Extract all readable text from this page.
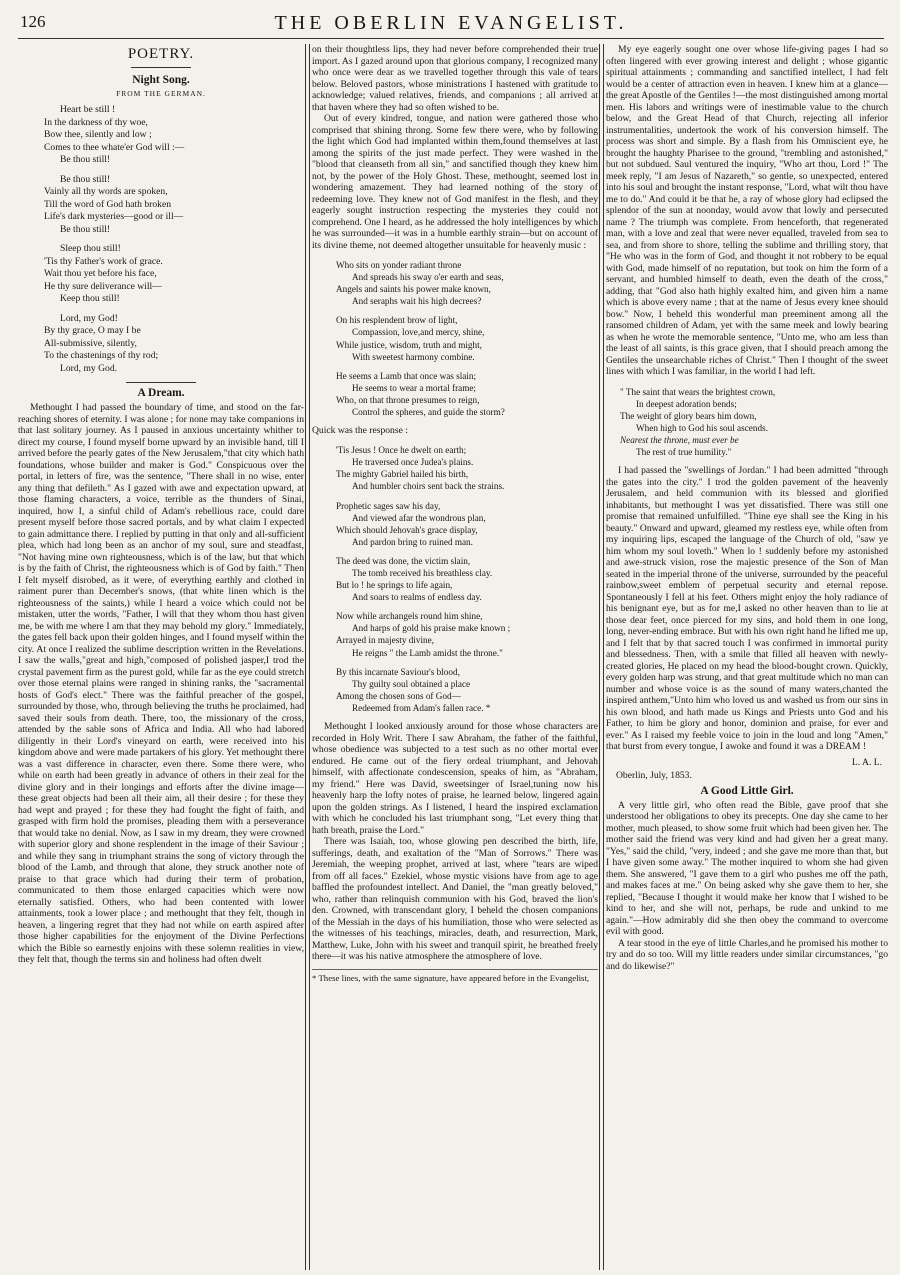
126	THE OBERLIN EVANGELIST.
POETRY.
Night Song.
FROM THE GERMAN.
Heart be still !
In the darkness of thy woe,
Bow thee, silently and low ;
Comes to thee whate'er God will :—
Be thou still!
Be thou still!
Vainly all thy words are spoken,
Till the word of God hath broken
Life's dark mysteries—good or ill—
Be thou still!
Sleep thou still!
'Tis thy Father's work of grace.
Wait thou yet before his face,
He thy sure deliverance will—
Keep thou still!
Lord, my God!
By thy grace, O may I be
All-submissive, silently,
To the chastenings of thy rod;
Lord, my God.
A Dream.

Methought I had passed the boundary of time, and stood on the far-reaching shores of eternity. I was alone ; for none may take companions in that last solitary journey. As I paused in anxious uncertainty whither to direct my course, I found myself borne upward by an invisible hand, till I arrived before the pearly gates of the New Jerusalem,"that city which hath foundations, whose builder and maker is God." Conspicuous over the portal, in letters of fire, was the sentence, "There shall in no wise, enter any thing that defileth." As I gazed with awe and expectation upward, at those flaming characters, a voice, terrible as the thunders of Sinai, inquired, how I, a sinful child of Adam's rebellious race, could dare present myself before those sacred portals, and by what claim I expected to gain admittance there. I replied by putting in that only and all-sufficient plea, which had long been as an anchor of my soul, sure and steadfast, "Not having mine own righteousness, which is of the law, but that which is by the faith of Christ, the righteousness which is of God by faith." Then I felt myself disrobed, as it were, of everything earthly and clothed in raiment purer than December's snows, (that white linen which is the righteousness of the saints,) while I heard a voice which could not be mistaken, utter the words, "Father, I will that they whom thou hast given me, be with me where I am that they may behold my glory." Immediately, the gates fell back upon their golden hinges, and I found myself within the city. At once I realized the sublime description written in the Revelations. I saw the walls,"great and high,"composed of polished jasper,I trod the crystal pavement firm as the purest gold, while far as the eye could stretch over those eternal plains were ranged in shining ranks, the "sacramental hosts of God's elect." There was the faithful preacher of the gospel, surrounded by those, who, through believing the truths he proclaimed, had saved their souls from death. There, too, the missionary of the cross, attended by the sable sons of Africa and India. All who had labored diligently in their Lord's vineyard on earth, were received into his kingdom above and were made partakers of his glory. Yet methought there was a vast difference in character, even there. Some there were, who while on earth had been greatly in advance of others in their zeal for the divine glory and in their longings and efforts after the divine image—these great objects had been all their aim, all their desire ; for these they had wept and prayed ; for these they had fought the fight of faith, and grasped with firm hold the promises, pleading them with a perseverance that would take no denial. Now, as I saw in my dream, they were crowned with superior glory and shone resplendent in the image of their Saviour ; and while they sang in triumphant strains the song of victory through the blood of the Lamb, and through that alone, they struck another note of praise to that grace which had during their term of probation, communicated to them those enlarged capacities which were now eternally satisfied. Others, who had been contented with lower attainments, took a lower place ; and methought that they felt, though in heaven, a lingering regret that they had not while on earth aspired after those higher capabilities for the enjoyment of the Divine Perfections which the Bible so earnestly enjoins with these solemn realities in view, they felt that, though the terms sin and holiness had often dwelt

on their thoughtless lips, they had never before comprehended their true import. As I gazed around upon that glorious company, I recognized many who once were dear as we travelled together through this vale of tears below. Beloved pastors, whose ministrations I hastened with gratitude to acknowledge; valued relatives, friends, and companions ; all arrived at that haven where they had so often wished to be.

Out of every kindred, tongue, and nation were gathered those who comprised that shining throng. Some few there were, who by following the light which God had implanted within them,found themselves at last among the spirits of the just made perfect. They were washed in the "blood that cleanseth from all sin," and sanctified though they knew him not, by the power of the Holy Ghost. These, methought, seemed lost in wondering amazement. They had learned nothing of the story of redeeming love. They knew not of God manifest in the flesh, and they eagerly sought instruction respecting the mysteries they could not comprehend. One I heard, as he addressed the holy intelligences by which he was surrounded—it was in a humble earthly strain—but on account of its divine theme, not deemed altogether unsuitable for heavenly music :

Who sits on yonder radiant throne
And spreads his sway o'er earth and seas,
Angels and saints his power make known,
And seraphs wait his high decrees?
On his resplendent brow of light,
Compassion, love,and mercy, shine,
While justice, wisdom, truth and might,
With sweetest harmony combine.
He seems a Lamb that once was slain;
He seems to wear a mortal frame;
Who, on that throne presumes to reign,
Control the spheres, and guide the storm?
Quick was the response :
'Tis Jesus ! Once he dwelt on earth;
He traversed once Judea's plains.
The mighty Gabriel hailed his birth,
And humbler choirs sent back the strains.
Prophetic sages saw his day,
And viewed afar the wondrous plan,
Which should Jehovah's grace display,
And pardon bring to ruined man.
The deed was done, the victim slain,
The tomb received his breathless clay.
But lo ! he springs to life again,
And soars to realms of endless day.
Now while archangels round him shine,
And harps of gold his praise make known ;
Arrayed in majesty divine,
He reigns " the Lamb amidst the throne."
By this incarnate Saviour's blood,
Thy guilty soul obtained a place
Among the chosen sons of God—
Redeemed from Adam's fallen race. *

Methought I looked anxiously around for those whose characters are recorded in Holy Writ. There I saw Abraham, the father of the faithful, whose obedience was subjected to a test such as no other mortal ever endured. He came out of the fiery ordeal triumphant, and Jehovah himself, with affectionate condescension, speaks of him, as "Abraham, my friend." Here was David, sweetsinger of Israel,tuning now his heavenly harp the lofty notes of praise, he learned below, lingered again upon the golden strings. As I listened, I heard the inspired exclamation with which he concluded his last triumphant song, "Let every thing that hath breath, praise the Lord."

There was Isaiah, too, whose glowing pen described the birth, life, sufferings, death, and exaltation of the "Man of Sorrows." There was Jeremiah, the weeping prophet, arrived at last, where "tears are wiped from off all faces." Ezekiel, whose mystic visions have from age to age baffled the profoundest intellect. And Daniel, the "man greatly beloved," who, rather than relinquish communion with his God, braved the lion's den. Crowned, with transcendant glory, I beheld the chosen companions of the Messiah in the days of his humiliation, those who were selected as the witnesses of his teachings, miracles, death, and resurrection, Mark, Matthew, Luke, John with his sweet and tranquil spirit, he breathed freely there—it was his native atmosphere the atmosphere of love.

* These lines, with the same signature, have appeared before in the Evangelist,

My eye eagerly sought one over whose life-giving pages I had so often lingered with ever growing interest and delight ; whose gigantic spiritual attainments ; commanding and sanctified intellect, I had felt would be a center of attraction even in heaven. I knew him at a glance—the great Apostle of the Gentiles !—the most distinguished among mortal men. His labors and writings were of inestimable value to the church below, and the Great Head of that Church, rejecting all inferior instrumentalities, undertook the work of his conversion himself. The process was short and simple. By a flash from his Omniscient eye, he brought the haughty Pharisee to the ground, "trembling and astonished," but not subdued. Saul ventured the inquiry, "Who art thou, Lord !" The meek reply, "I am Jesus of Nazareth," so gentle, so unexpected, entered into his soul and brought the instant response, "Lord, what wilt thou have me to do." And could it be that he, a ray of whose glory had eclipsed the splendor of the sun at noonday, would avow that lowly and persecuted name ? The triumph was complete. From henceforth, that regenerated man, with a love and zeal that were never equalled, traveled from sea to sea, and from shore to shore, telling the sublime and thrilling story, that "He who was in the form of God, and thought it not robbery to be equal with God, made himself of no reputation, but took on him the form of a servant, and humbled himself to death, even the death of the cross," adding, that "God also hath highly exalted him, and given him a name which is above every name ; that at the name of Jesus every knee should bow." Now, I beheld this wonderful man preeminent among all the ransomed children of Adam, yet with the same meek and lowly bearing as when he wrote the memorable sentence, "Unto me, who am less than the least of all saints, is this grace given, that I should preach among the Gentiles the unsearchable riches of Christ." Then I thought of the sweet lines with which I was familiar, in the world I had left.

" The saint that wears the brightest crown,
In deepest adoration bends;
The weight of glory bears him down,
When high to God his soul ascends.
Nearest the throne, must ever be
The rest of true humility."

I had passed the "swellings of Jordan." I had been admitted "through the gates into the city." I trod the golden pavement of the heavenly Jerusalem, and held communion with its blessed and glorified inhabitants, but methought I was yet dissatisfied. There was still one promise that remained unfulfilled. "Thine eye shall see the King in his beauty." Onward and upward, gleamed my restless eye, while often from my inquiring lips, escaped the language of the Church of old, "saw ye him whom my soul loveth." When lo ! suddenly before my astonished and awe-struck vision, rose the majestic presence of the Son of Man seated in the imperial throne of the universe, surrounded by the peaceful rainbow,sweet emblem of perpetual security and eternal repose. Spontaneously I fell at his feet. Others might enjoy the holy radiance of his benignant eye, but as for me,I asked no other heaven than to lie at those dear feet, once pierced for my sins, and hold them in one long, long, never-ending embrace. But with his own right hand he lifted me up, and I felt that by that sacred touch I was confirmed in immortal purity and blessedness. Then, with a smile that filled all heaven with newly-created glories, He placed on my head the blood-bought crown. Quickly, every golden harp was strung, and that great multitude which no man can number and whose voice is as the sound of many waters,chanted the inspired anthem,"Unto him who loved us and washed us from our sins in his own blood, and hath made us Kings and Priests unto God and his Father, to him be glory and honor, dominion and praise, for ever and ever." As I raised my feeble voice to join in the loud and long "Amen," that burst from every tongue, I awoke and found it was a DREAM !

L. A. L.
Oberlin, July, 1853.
A Good Little Girl.

A very little girl, who often read the Bible, gave proof that she understood her obligations to obey its precepts. One day she came to her mother, much pleased, to show some fruit which had been given her. The mother said the friend was very kind and had given her a great many. "Yes," said the child, "very, indeed ; and she gave me more than that, but I have given some away." The mother inquired to whom she had given them. She answered, "I gave them to a girl who pushes me off the path, and makes faces at me." On being asked why she gave them to her, she replied, "Because I thought it would make her know that I wished to be kind to her, and she will not, perhaps, be rude and unkind to me again."—How admirably did she then obey the command to overcome evil with good.

A tear stood in the eye of little Charles,and he promised his mother to try and do so too. Will my little readers under similar circumstances, "go and do likewise?"
